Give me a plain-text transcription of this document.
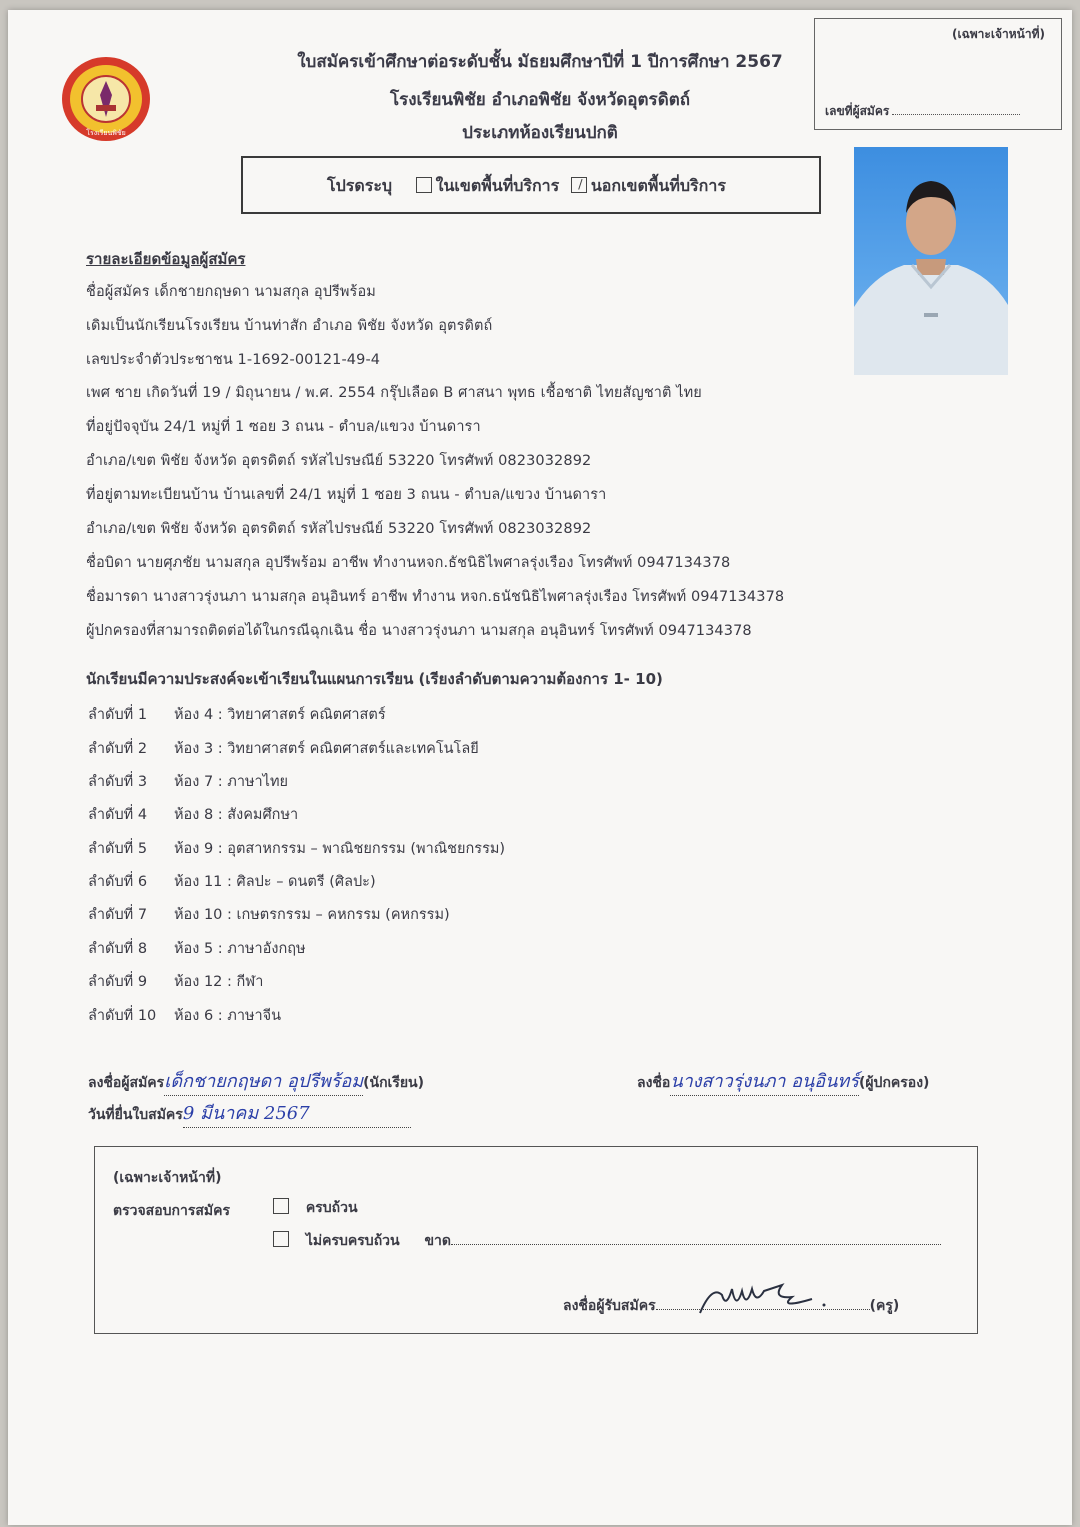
โรงเรียนพิชัย
ใบสมัครเข้าศึกษาต่อระดับชั้น มัธยมศึกษาปีที่ 1 ปีการศึกษา 2567
โรงเรียนพิชัย อำเภอพิชัย จังหวัดอุตรดิตถ์
ประเภทห้องเรียนปกติ
(เฉพาะเจ้าหน้าที่)
เลขที่ผู้สมัคร
โปรดระบุ	ในเขตพื้นที่บริการ นอกเขตพื้นที่บริการ
รายละเอียดข้อมูลผู้สมัคร
ชื่อผู้สมัคร เด็กชายกฤษดา นามสกุล อุปรีพร้อม
เดิมเป็นนักเรียนโรงเรียน บ้านท่าสัก อำเภอ พิชัย จังหวัด อุตรดิตถ์
เลขประจำตัวประชาชน 1-1692-00121-49-4
เพศ ชาย เกิดวันที่ 19 / มิถุนายน / พ.ศ. 2554 กรุ๊ปเลือด B ศาสนา พุทธ เชื้อชาติ ไทยสัญชาติ ไทย
ที่อยู่ปัจจุบัน 24/1 หมู่ที่ 1 ซอย 3 ถนน - ตำบล/แขวง บ้านดารา
อำเภอ/เขต พิชัย จังหวัด อุตรดิตถ์ รหัสไปรษณีย์ 53220 โทรศัพท์ 0823032892
ที่อยู่ตามทะเบียนบ้าน บ้านเลขที่ 24/1 หมู่ที่ 1 ซอย 3 ถนน - ตำบล/แขวง บ้านดารา
อำเภอ/เขต พิชัย จังหวัด อุตรดิตถ์ รหัสไปรษณีย์ 53220 โทรศัพท์ 0823032892
ชื่อบิดา นายศุภชัย นามสกุล อุปรีพร้อม อาชีพ ทำงานหจก.ธัชนิธิไพศาลรุ่งเรือง โทรศัพท์ 0947134378
ชื่อมารดา นางสาวรุ่งนภา นามสกุล อนุอินทร์ อาชีพ ทำงาน หจก.ธนัชนิธิไพศาลรุ่งเรือง โทรศัพท์ 0947134378
ผู้ปกครองที่สามารถติดต่อได้ในกรณีฉุกเฉิน ชื่อ นางสาวรุ่งนภา นามสกุล อนุอินทร์ โทรศัพท์ 0947134378
นักเรียนมีความประสงค์จะเข้าเรียนในแผนการเรียน (เรียงลำดับตามความต้องการ 1- 10)
ลำดับที่ 1 ห้อง 4 : วิทยาศาสตร์ คณิตศาสตร์
ลำดับที่ 2 ห้อง 3 : วิทยาศาสตร์ คณิตศาสตร์และเทคโนโลยี
ลำดับที่ 3 ห้อง 7 : ภาษาไทย
ลำดับที่ 4 ห้อง 8 : สังคมศึกษา
ลำดับที่ 5 ห้อง 9 : อุตสาหกรรม – พาณิชยกรรม (พาณิชยกรรม)
ลำดับที่ 6 ห้อง 11 : ศิลปะ – ดนตรี (ศิลปะ)
ลำดับที่ 7 ห้อง 10 : เกษตรกรรม – คหกรรม (คหกรรม)
ลำดับที่ 8 ห้อง 5 : ภาษาอังกฤษ
ลำดับที่ 9 ห้อง 12 : กีฬา
ลำดับที่ 10 ห้อง 6 : ภาษาจีน
ลงชื่อผู้สมัครเด็กชายกฤษดา อุปรีพร้อม(นักเรียน)	ลงชื่อนางสาวรุ่งนภา อนุอินทร์(ผู้ปกครอง)
วันที่ยื่นใบสมัคร9 มีนาคม 2567
(เฉพาะเจ้าหน้าที่)
ตรวจสอบการสมัคร	ครบถ้วน
ไม่ครบครบถ้วน ขาด
ลงชื่อผู้รับสมัคร	(ครู)
